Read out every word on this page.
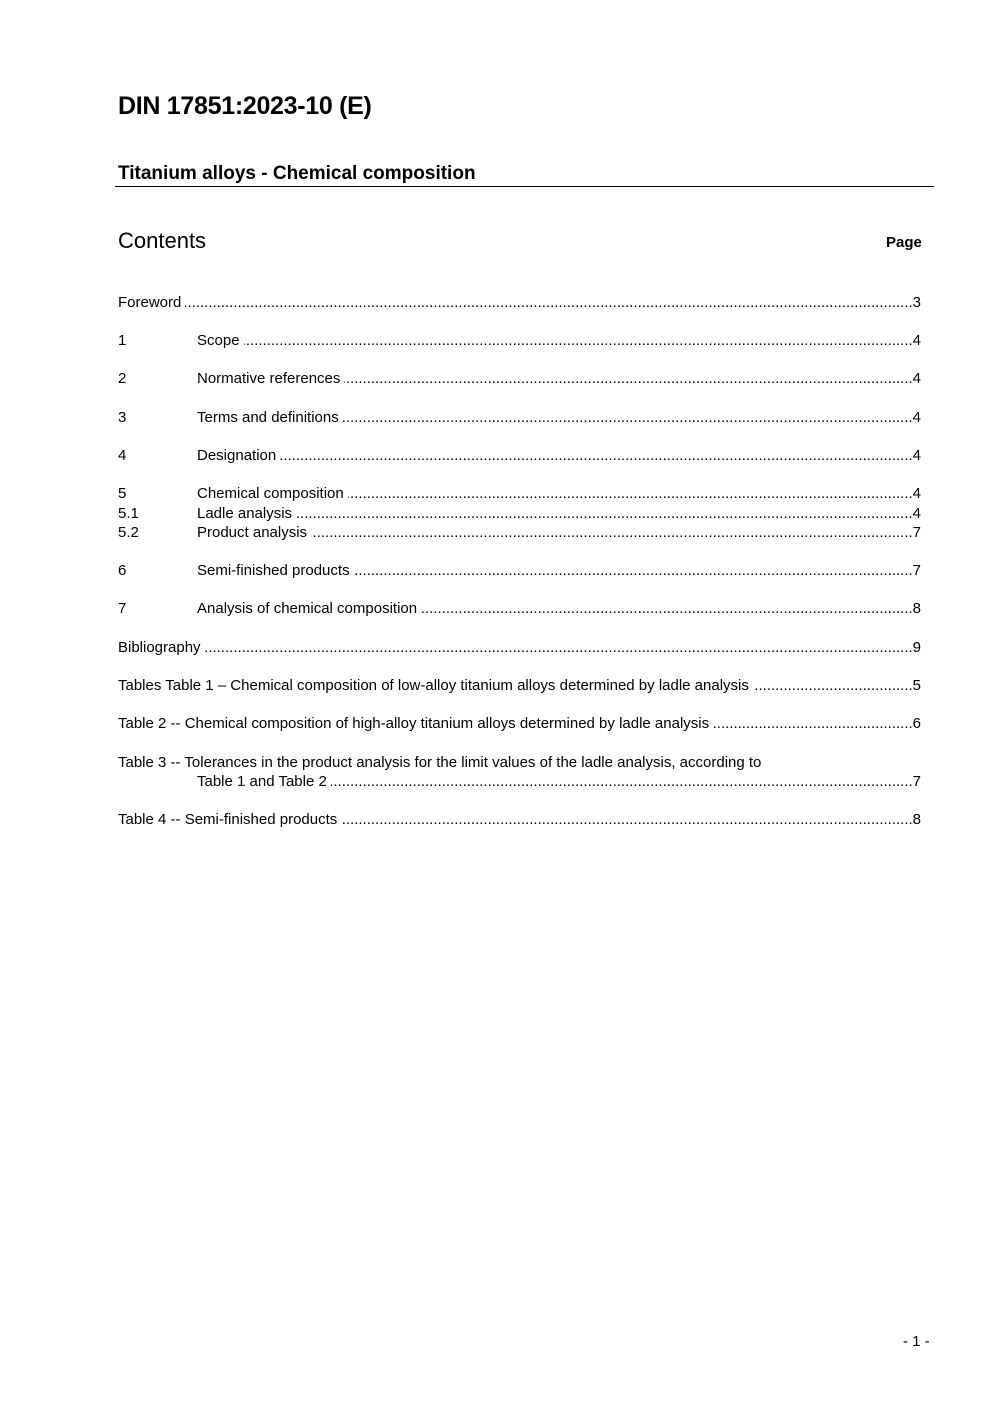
DIN 17851:2023-10 (E)
Titanium alloys - Chemical composition
Contents	Page
Foreword .....	3
1	Scope .....	4
2	Normative references .....	4
3	Terms and definitions .....	4
4	Designation .....	4
5	Chemical composition .....	4
5.1	Ladle analysis .....	4
5.2	Product analysis .....	7
6	Semi-finished products .....	7
7	Analysis of chemical composition .....	8
Bibliography .....	9
Tables Table 1 – Chemical composition of low-alloy titanium alloys determined by ladle analysis .....	5
Table 2 -- Chemical composition of high-alloy titanium alloys determined by ladle analysis .....	6
Table 3 -- Tolerances in the product analysis for the limit values of the ladle analysis, according to
Table 1 and Table 2 .....	7
Table 4 -- Semi-finished products .....	8
- 1 -
